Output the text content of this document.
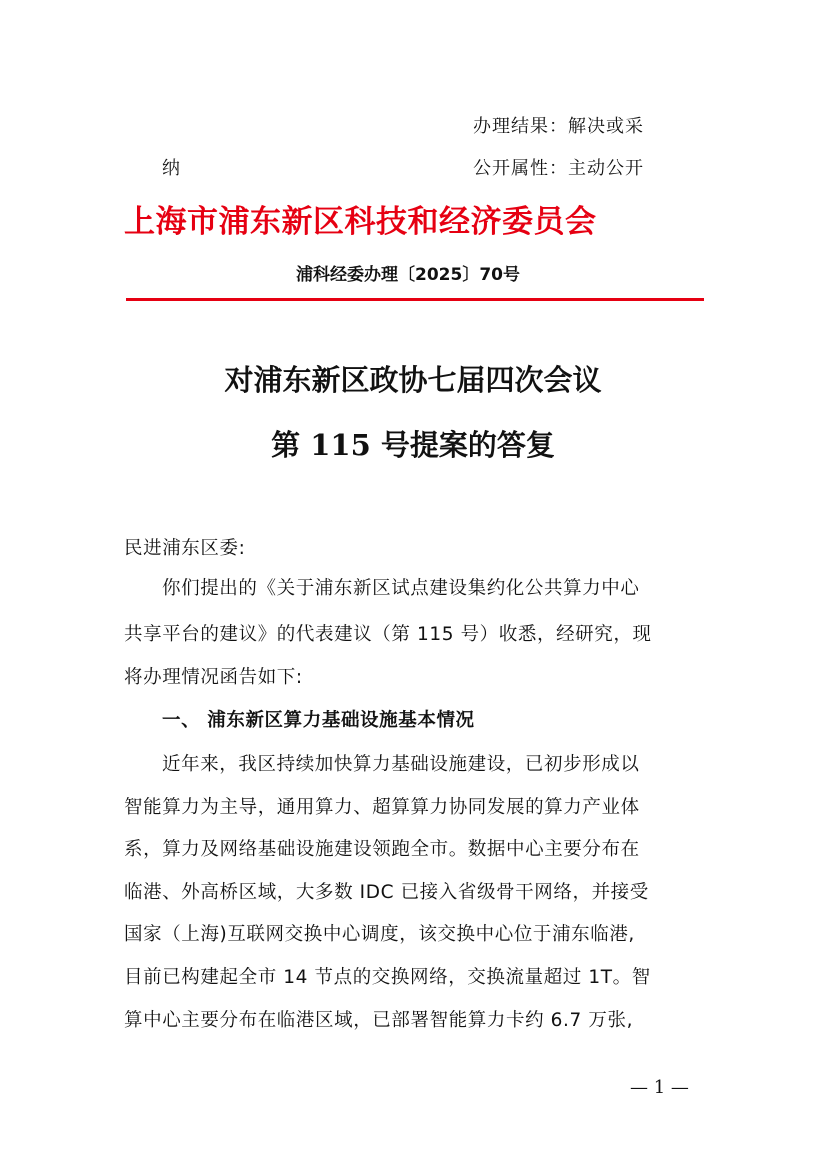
办理结果：解决或采
纳	公开属性：主动公开
上海市浦东新区科技和经济委员会
浦科经委办理〔2025〕70号
对浦东新区政协七届四次会议
第 115 号提案的答复
民进浦东区委:
你们提出的《关于浦东新区试点建设集约化公共算力中心
共享平台的建议》的代表建议（第 115 号）收悉，经研究，现
将办理情况函告如下:
一、 浦东新区算力基础设施基本情况
近年来，我区持续加快算力基础设施建设，已初步形成以
智能算力为主导，通用算力、超算算力协同发展的算力产业体
系，算力及网络基础设施建设领跑全市。数据中心主要分布在
临港、外高桥区域，大多数 IDC 已接入省级骨干网络，并接受
国家（上海)互联网交换中心调度，该交换中心位于浦东临港,
目前已构建起全市 14 节点的交换网络，交换流量超过 1T。智
算中心主要分布在临港区域，已部署智能算力卡约 6.7 万张,
— 1 —
